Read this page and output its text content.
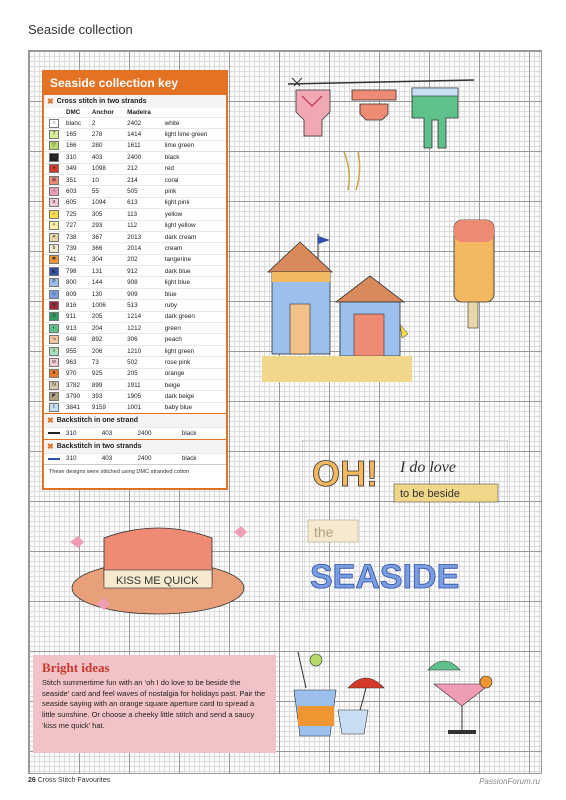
Seaside collection
Seaside collection key
✖ Cross stitch in two strands
	DMC	Anchor	Madeira	
∩	blanc	2	2402	white
?	165	278	1414	light lime green
▽	166	280	1611	lime green
■	310	403	2400	black
●	349	1098	212	red
⊠	351	10	214	coral
○	603	55	505	pink
a	605	1094	613	light pink
♀	725	305	113	yellow
✧	727	293	112	light yellow
✕	738	367	2013	dark cream
b	739	366	2014	cream
✱	741	304	202	tangerine
◣	798	131	912	dark blue
P	800	144	908	light blue
◇	809	130	909	blue
■	816	1006	513	ruby
S	911	205	1214	dark green
◐	913	204	1212	green
↘	948	892	306	peach
◊	955	206	1210	light green
w	963	73	502	rose pink
★	970	925	205	orange
N	3782	899	1911	beige
◤	3790	393	1905	dark beige
t	3841	9159	1001	baby blue
✖ Backstitch in one strand
	310	403	2400	black
✖ Backstitch in two strands
	310	403	2400	black
These designs were stitched using DMC stranded cotton	OH! I do love
to be beside
the
SEASIDE
KISS ME QUICK
Bright ideas

Stitch summertime fun with an ‘oh I do love to be beside the seaside’ card and feel waves of nostalgia for holidays past. Pair the seaside saying with an orange square aperture card to spread a little sunshine. Or choose a cheeky little stitch and send a saucy ‘kiss me quick’ hat.

26 Cross Stitch Favourites	PassionForum.ru
